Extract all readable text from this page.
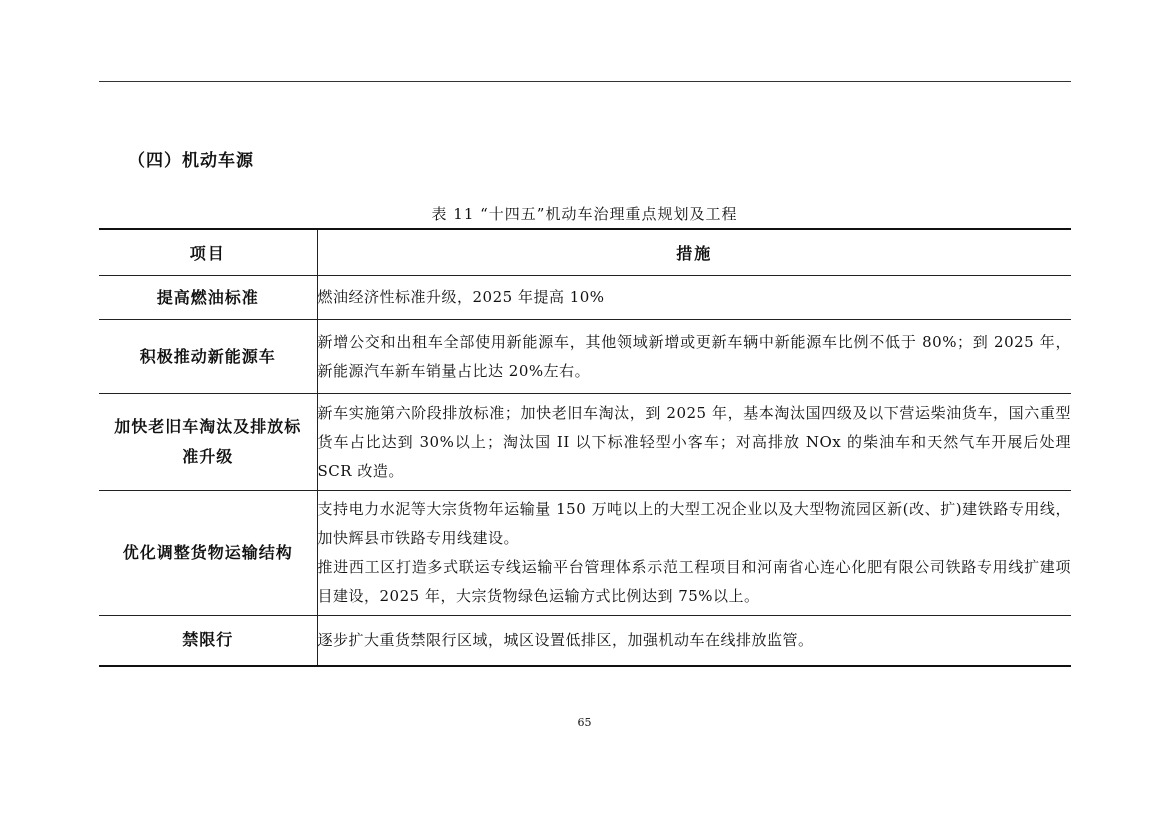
（四）机动车源
表 11 “十四五”机动车治理重点规划及工程
项目	措施
提高燃油标准	燃油经济性标准升级，2025 年提高 10%

积极推动新能源车	新增公交和出租车全部使用新能源车，其他领域新增或更新车辆中新能源车比例不低于 80%；到 2025 年，新能源汽车新车销量占比达 20%左右。

加快老旧车淘汰及排放标准升级	新车实施第六阶段排放标准；加快老旧车淘汰，到 2025 年，基本淘汰国四级及以下营运柴油货车，国六重型货车占比达到 30%以上；淘汰国 II 以下标准轻型小客车；对高排放 NOx 的柴油车和天然气车开展后处理 SCR 改造。

优化调整货物运输结构	支持电力水泥等大宗货物年运输量 150 万吨以上的大型工况企业以及大型物流园区新(改、扩)建铁路专用线，加快辉县市铁路专用线建设。

推进西工区打造多式联运专线运输平台管理体系示范工程项目和河南省心连心化肥有限公司铁路专用线扩建项目建设，2025 年，大宗货物绿色运输方式比例达到 75%以上。

禁限行	逐步扩大重货禁限行区域，城区设置低排区，加强机动车在线排放监管。

65
